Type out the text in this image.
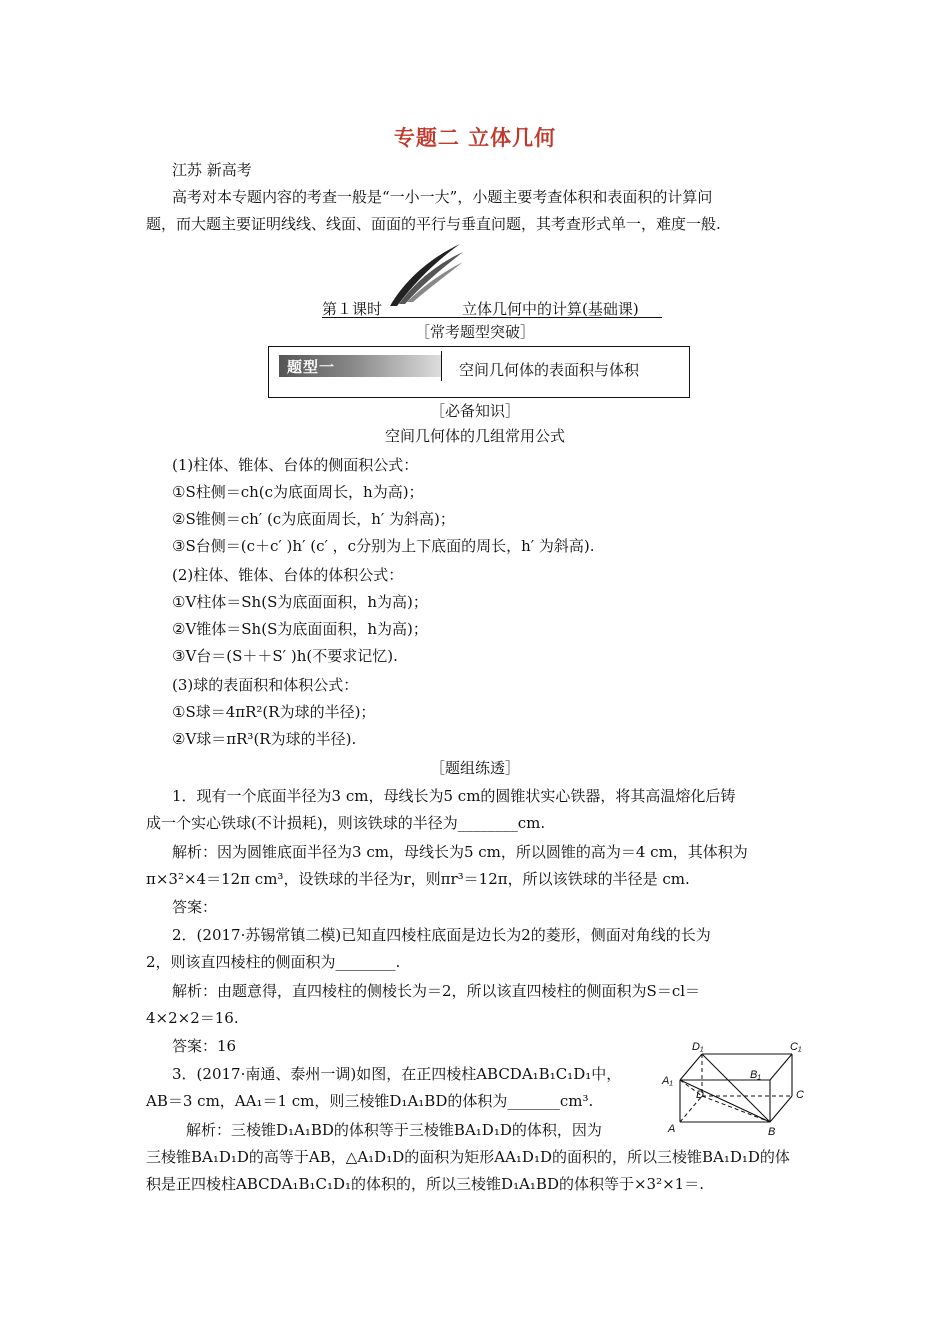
专题二 立体几何
江苏 新高考
高考对本专题内容的考查一般是“一小一大”，小题主要考查体积和表面积的计算问
题，而大题主要证明线线、线面、面面的平行与垂直问题，其考查形式单一，难度一般.
第１课时	立体几何中的计算(基础课)
［常考题型突破］
题型一	空间几何体的表面积与体积
［必备知识］
空间几何体的几组常用公式
(1)柱体、锥体、台体的侧面积公式：
①S柱侧＝ch(c为底面周长，h为高)；
②S锥侧＝ch′ (c为底面周长，h′ 为斜高)；
③S台侧＝(c＋c′ )h′ (c′ ，c分别为上下底面的周长，h′ 为斜高).
(2)柱体、锥体、台体的体积公式：
①V柱体＝Sh(S为底面面积，h为高)；
②V锥体＝Sh(S为底面面积，h为高)；
③V台＝(S＋＋S′ )h(不要求记忆).
(3)球的表面积和体积公式：
①S球＝4πR²(R为球的半径)；
②V球＝πR³(R为球的半径).
［题组练透］
1．现有一个底面半径为3 cm，母线长为5 cm的圆锥状实心铁器，将其高温熔化后铸
成一个实心铁球(不计损耗)，则该铁球的半径为________cm.
解析：因为圆锥底面半径为3 cm，母线长为5 cm，所以圆锥的高为＝4 cm，其体积为
π×3²×4＝12π cm³，设铁球的半径为r，则πr³＝12π，所以该铁球的半径是 cm.
答案：
2．(2017·苏锡常镇二模)已知直四棱柱底面是边长为2的菱形，侧面对角线的长为
2，则该直四棱柱的侧面积为________.
解析：由题意得，直四棱柱的侧棱长为＝2，所以该直四棱柱的侧面积为S＝cl＝
4×2×2＝16.
答案：16
3．(2017·南通、泰州一调)如图，在正四棱柱ABCDA₁B₁C₁D₁中，
AB＝3 cm，AA₁＝1 cm，则三棱锥D₁A₁BD的体积为_______cm³.
解析：三棱锥D₁A₁BD的体积等于三棱锥BA₁D₁D的体积，因为
三棱锥BA₁D₁D的高等于AB，△A₁D₁D的面积为矩形AA₁D₁D的面积的，所以三棱锥BA₁D₁D的体
积是正四棱柱ABCDA₁B₁C₁D₁的体积的，所以三棱锥D₁A₁BD的体积等于×3²×1＝.
D₁	C₁
A₁	B₁
D	C
A	B
